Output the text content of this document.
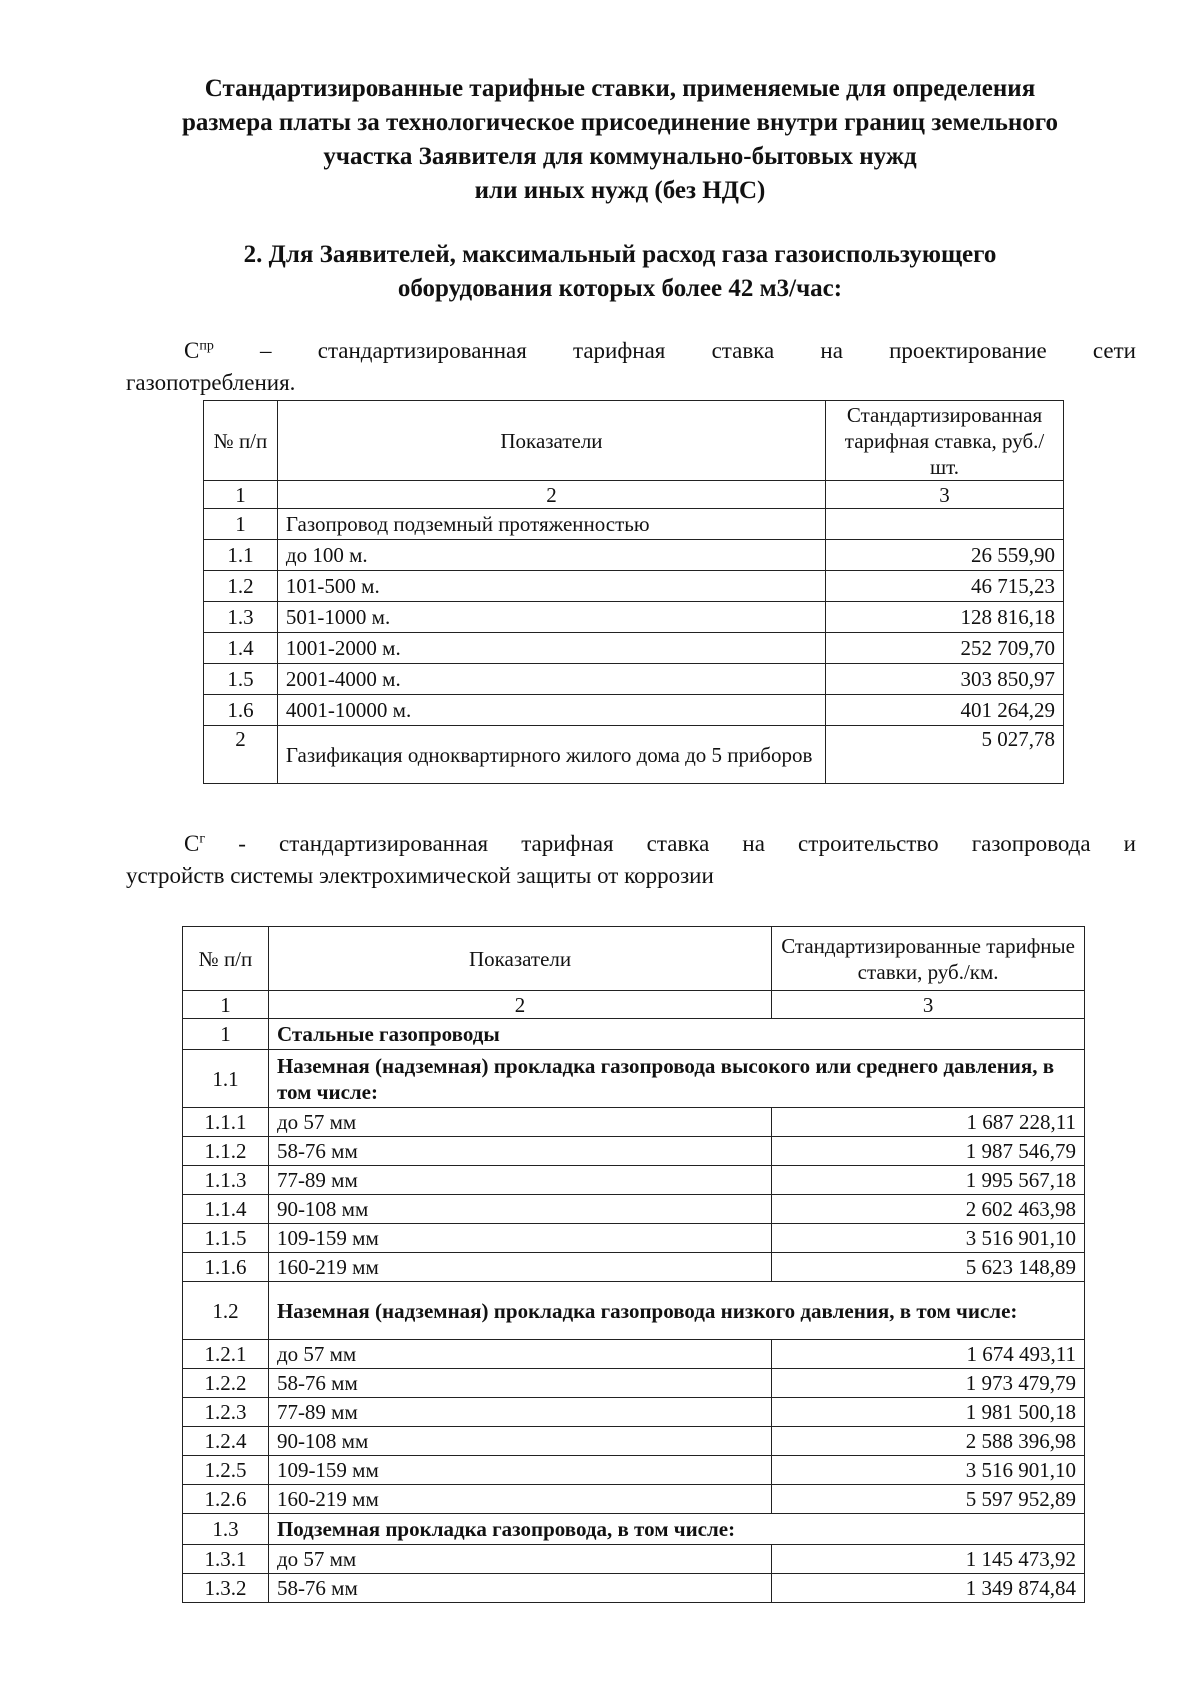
Стандартизированные тарифные ставки, применяемые для определения
размера платы за технологическое присоединение внутри границ земельного
участка Заявителя для коммунально-бытовых нужд
или иных нужд (без НДС)
2. Для Заявителей, максимальный расход газа газоиспользующего
оборудования которых более 42 м3/час:
$С^{пр}$ – стандартизированная тарифная ставка на проектирование сети
газопотребления.
№ п/п	Показатели	Стандартизированная тарифная ставка, руб./шт.
1	2	3
1	Газопровод подземный протяженностью	
1.1	до 100 м.	26 559,90
1.2	101-500 м.	46 715,23
1.3	501-1000 м.	128 816,18
1.4	1001-2000 м.	252 709,70
1.5	2001-4000 м.	303 850,97
1.6	4001-10000 м.	401 264,29
2	Газификация одноквартирного жилого дома до 5 приборов	5 027,78
$С^г$ - стандартизированная тарифная ставка на строительство газопровода и
устройств системы электрохимической защиты от коррозии
№ п/п	Показатели	Стандартизированные тарифные ставки, руб./км.
1	2	3
1	Стальные газопроводы	
1.1	Наземная (надземная) прокладка газопровода высокого или среднего давления, в том числе:	
1.1.1	до 57 мм	1 687 228,11
1.1.2	58-76 мм	1 987 546,79
1.1.3	77-89 мм	1 995 567,18
1.1.4	90-108 мм	2 602 463,98
1.1.5	109-159 мм	3 516 901,10
1.1.6	160-219 мм	5 623 148,89
1.2	Наземная (надземная) прокладка газопровода низкого давления, в том числе:	
1.2.1	до 57 мм	1 674 493,11
1.2.2	58-76 мм	1 973 479,79
1.2.3	77-89 мм	1 981 500,18
1.2.4	90-108 мм	2 588 396,98
1.2.5	109-159 мм	3 516 901,10
1.2.6	160-219 мм	5 597 952,89
1.3	Подземная прокладка газопровода, в том числе:	
1.3.1	до 57 мм	1 145 473,92
1.3.2	58-76 мм	1 349 874,84
